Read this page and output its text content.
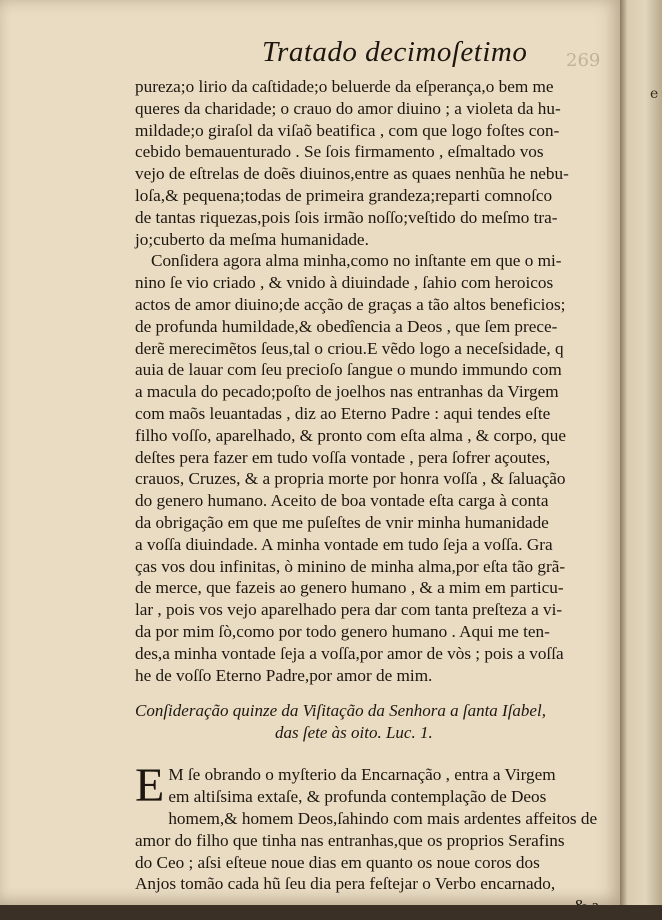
269
Tratado decimoſetimo
pureza;o lirio da caſtidade;o beluerde da eſperança,o bem me
queres da charidade; o crauo do amor diuino ; a violeta da hu-
mildade;o giraſol da viſaõ beatifica , com que logo foſtes con-
cebido bemauenturado . Se ſois firmamento , eſmaltado vos
vejo de eſtrelas de doẽs diuinos,entre as quaes nenhũa he nebu-
loſa,& pequena;todas de primeira grandeza;reparti comnoſco
de tantas riquezas,pois ſois irmão noſſo;veſtido do meſmo tra-
jo;cuberto da meſma humanidade.
Conſidera agora alma minha,como no inſtante em que o mi-
nino ſe vio criado , & vnido à diuindade , ſahio com heroicos
actos de amor diuino;de acção de graças a tão altos beneficios;
de profunda humildade,& obedîencia a Deos , que ſem prece-
derẽ merecimẽtos ſeus,tal o criou.E vẽdo logo a neceſsidade, q
auia de lauar com ſeu precioſo ſangue o mundo immundo com
a macula do pecado;poſto de joelhos nas entranhas da Virgem
com maõs leuantadas , diz ao Eterno Padre : aqui tendes eſte
filho voſſo, aparelhado, & pronto com eſta alma , & corpo, que
deſtes pera fazer em tudo voſſa vontade , pera ſofrer açoutes,
crauos, Cruzes, & a propria morte por honra voſſa , & ſaluação
do genero humano. Aceito de boa vontade eſta carga à conta
da obrigação em que me puſeſtes de vnir minha humanidade
a voſſa diuindade. A minha vontade em tudo ſeja a voſſa. Gra
ças vos dou infinitas, ò minino de minha alma,por eſta tão grã-
de merce, que fazeis ao genero humano , & a mim em particu-
lar , pois vos vejo aparelhado pera dar com tanta preſteza a vi-
da por mim ſò,como por todo genero humano . Aqui me ten-
des,a minha vontade ſeja a voſſa,por amor de vòs ; pois a voſſa
he de voſſo Eterno Padre,por amor de mim.
Conſideração quinze da Viſitação da Senhora a ſanta Iſabel,
das ſete às oito. Luc. 1.
E M ſe obrando o myſterio da Encarnação , entra a Virgem
em altiſsima extaſe, & profunda contemplação de Deos
homem,& homem Deos,ſahindo com mais ardentes affeitos de
amor do filho que tinha nas entranhas,que os proprios Serafins
do Ceo ; aſsi eſteue noue dias em quanto os noue coros dos
Anjos tomão cada hũ ſeu dia pera feſtejar o Verbo encarnado,
e
